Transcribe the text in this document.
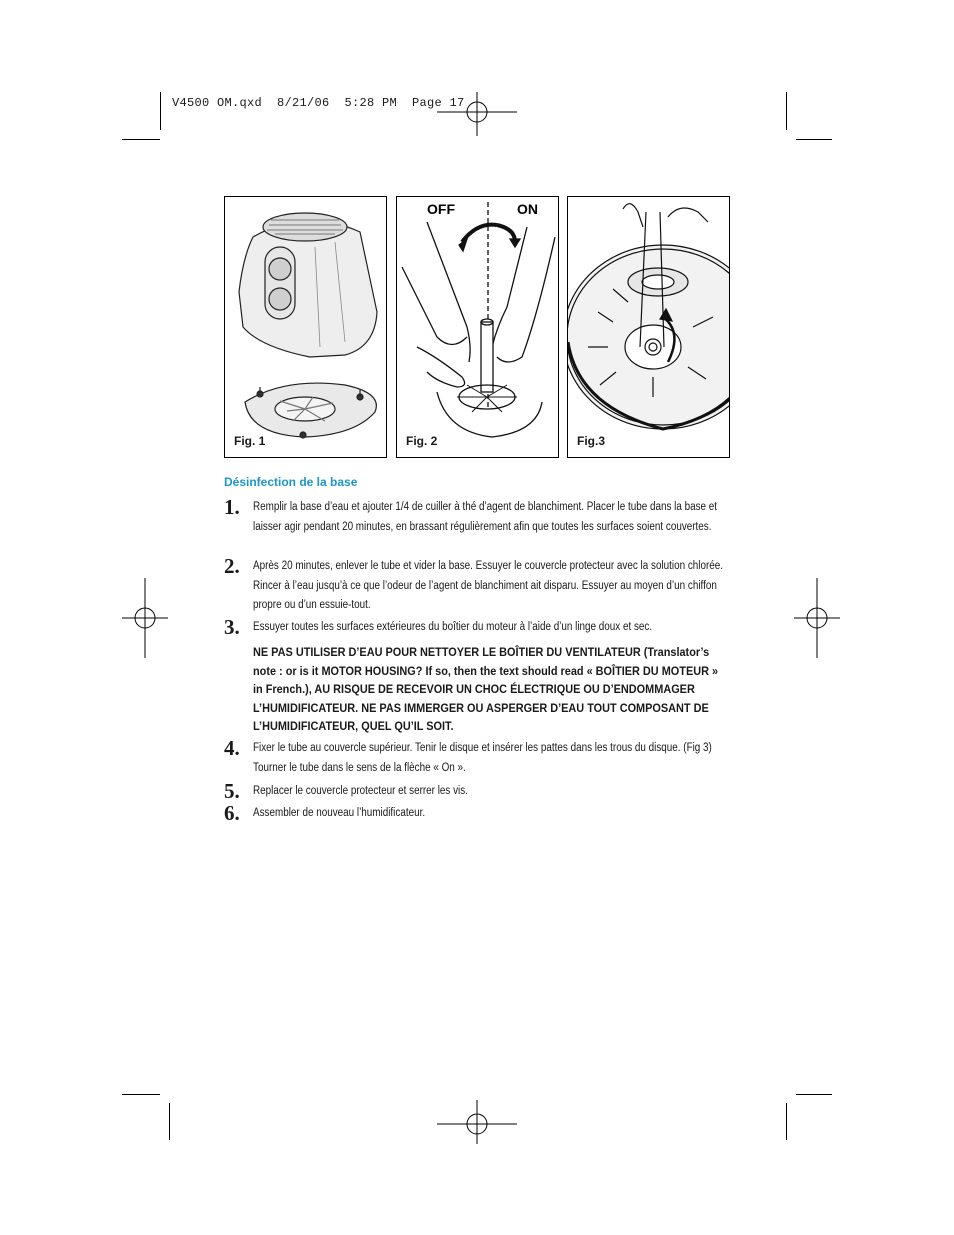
V4500 OM.qxd  8/21/06  5:28 PM  Page 17
Fig. 1
OFF	ON
Fig. 2	Fig.3
Désinfection de la base
1. Remplir la base d’eau et ajouter 1/4 de cuiller à thé d’agent de blanchiment. Placer le tube dans la base et laisser agir pendant 20 minutes, en brassant régulièrement afin que toutes les surfaces soient couvertes.
2. Après 20 minutes, enlever le tube et vider la base. Essuyer le couvercle protecteur avec la solution chlorée. Rincer à l’eau jusqu’à ce que l’odeur de l’agent de blanchiment ait disparu. Essuyer au moyen d’un chiffon propre ou d’un essuie-tout.
3. Essuyer toutes les surfaces extérieures du boîtier du moteur à l’aide d’un linge doux et sec.
NE PAS UTILISER D’EAU POUR NETTOYER LE BOÎTIER DU VENTILATEUR (Translator’s note : or is it MOTOR HOUSING? If so, then the text should read « BOÎTIER DU MOTEUR » in French.), AU RISQUE DE RECEVOIR UN CHOC ÉLECTRIQUE OU D’ENDOMMAGER L’HUMIDIFICATEUR. NE PAS IMMERGER OU ASPERGER D’EAU TOUT COMPOSANT DE L’HUMIDIFICATEUR, QUEL QU’IL SOIT.
4. Fixer le tube au couvercle supérieur. Tenir le disque et insérer les pattes dans les trous du disque. (Fig 3) Tourner le tube dans le sens de la flèche « On ».
5. Replacer le couvercle protecteur et serrer les vis.
6. Assembler de nouveau l’humidificateur.
